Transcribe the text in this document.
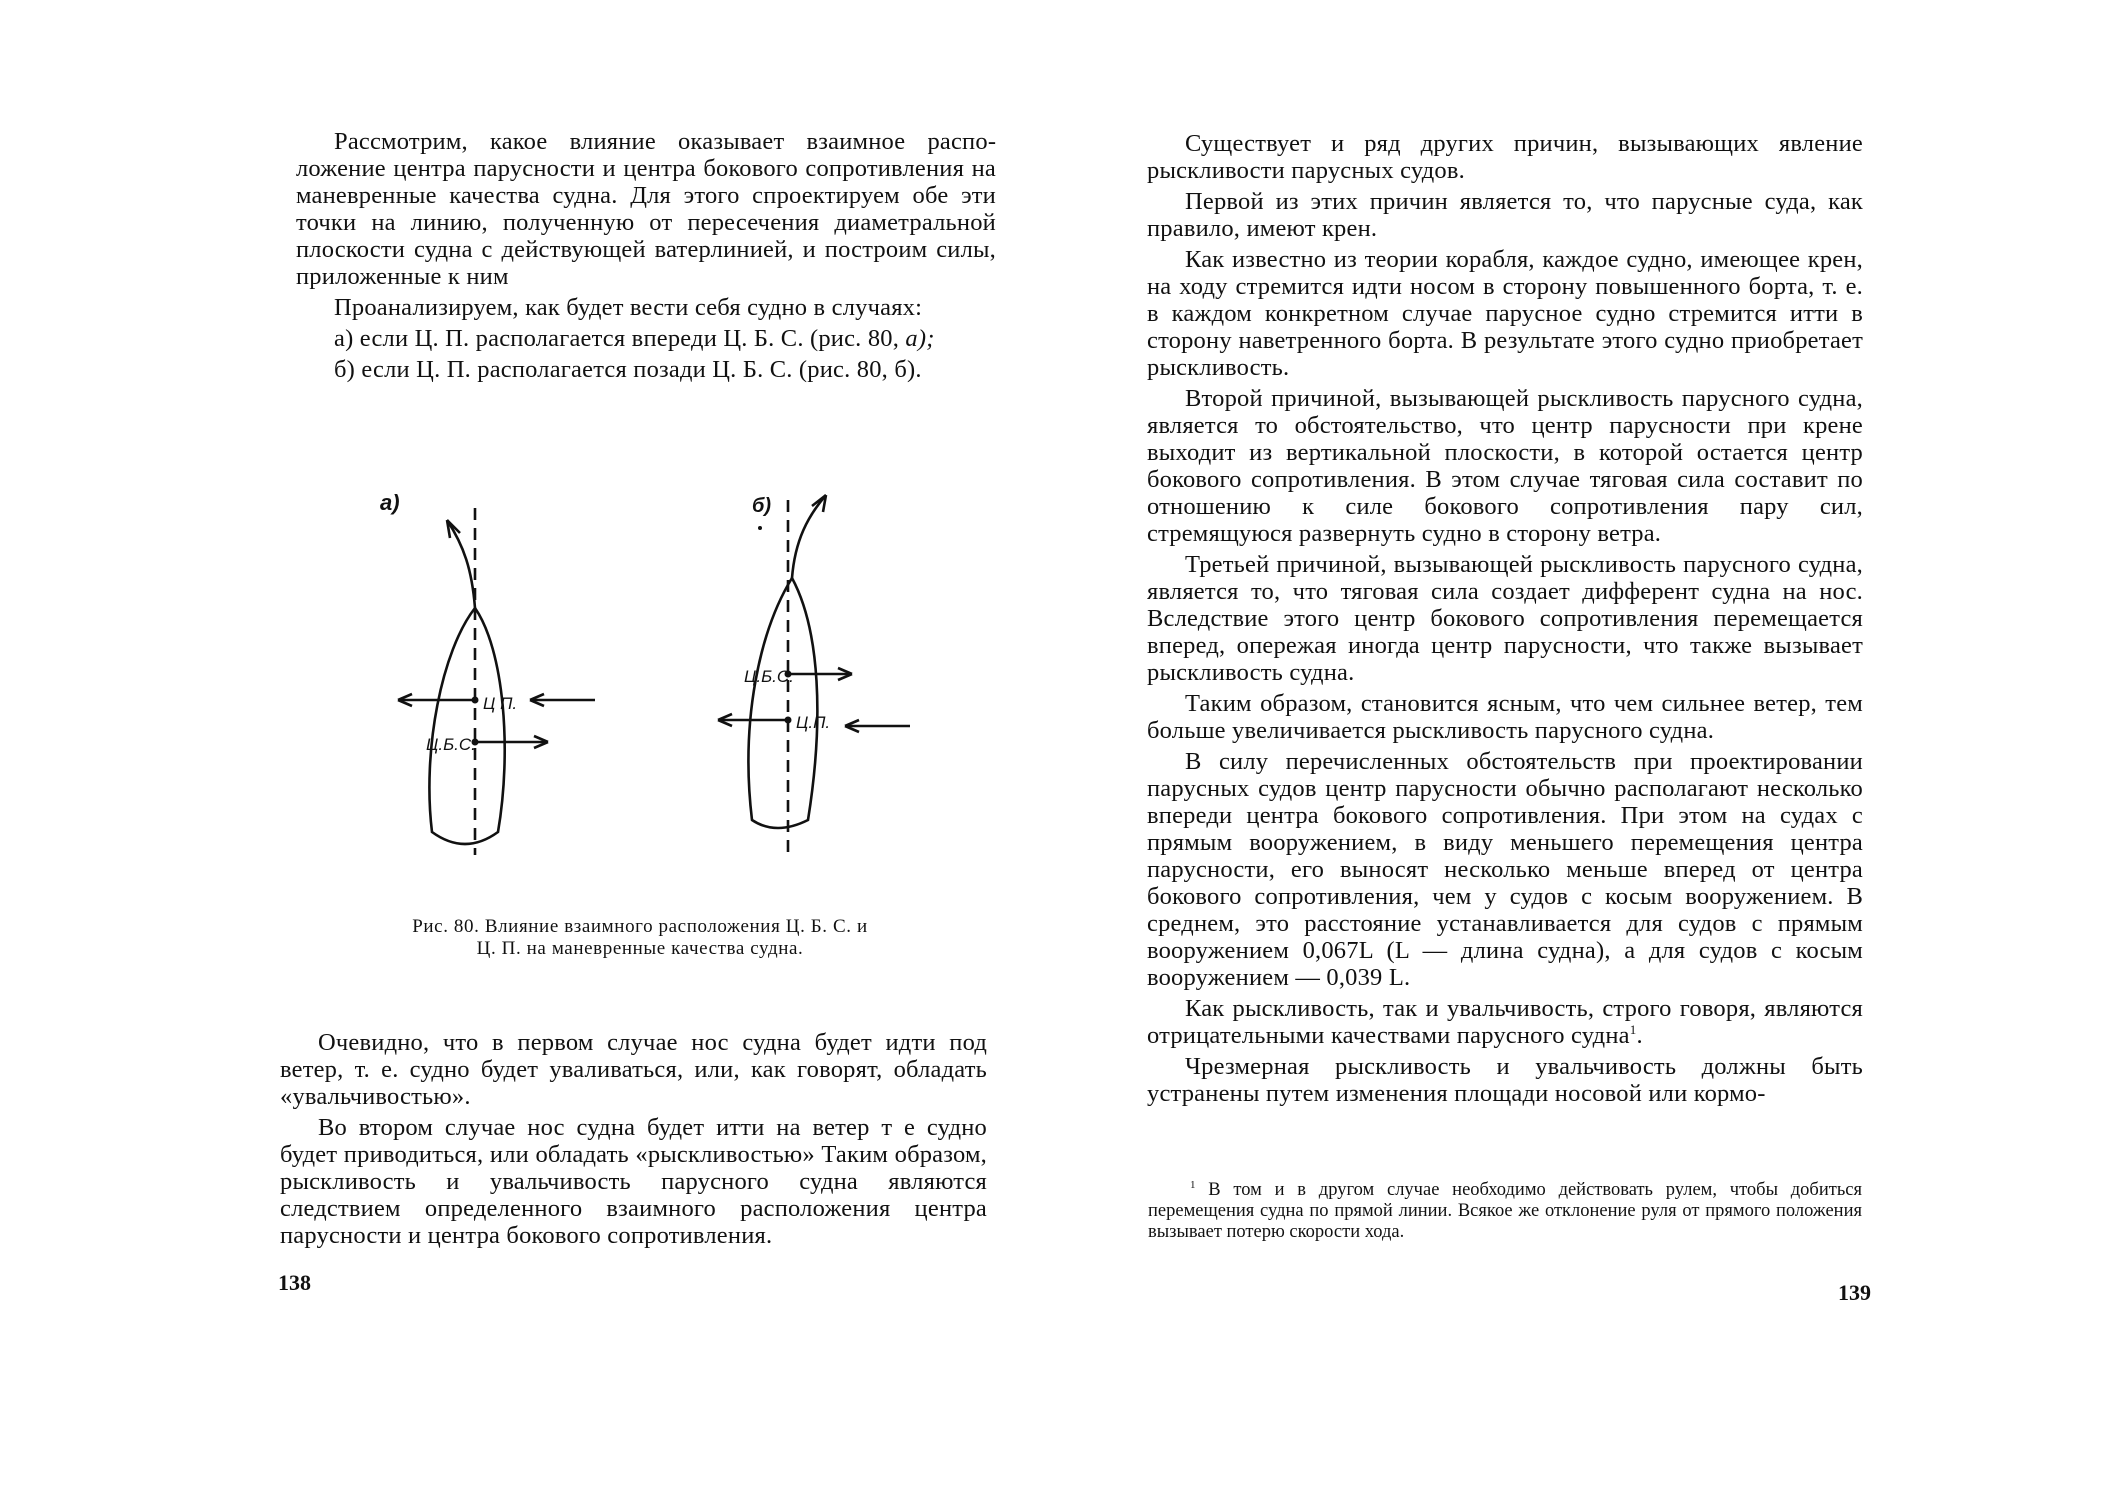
Рассмотрим, какое влияние оказывает взаимное расположение центра парусности и центра бокового сопротивления на маневренные качества судна. Для этого спроектируем обе эти точки на линию, полученную от пересечения диаметральной плоскости судна с действующей ватерлинией, и построим силы, приложенные к ним

Проанализируем, как будет вести себя судно в случаях:

а) если Ц. П. располагается впереди Ц. Б. С. (рис. 80, а);

б) если Ц. П. располагается позади Ц. Б. С. (рис. 80, б).

а)	б)
Ц П.
Ц.Б.С.
Ц.Б.С.
Ц.П.
Рис. 80. Влияние взаимного расположения Ц. Б. С. и Ц. П. на маневренные качества судна.

Очевидно, что в первом случае нос судна будет идти под ветер, т. е. судно будет уваливаться, или, как говорят, обладать «увальчивостью».

Во втором случае нос судна будет итти на ветер т е судно будет приводиться, или обладать «рыскливостью» Таким образом, рыскливость и увальчивость парусного судна являются следствием определенного взаимного расположения центра парусности и центра бокового сопротивления.

138

Существует и ряд других причин, вызывающих явление рыскливости парусных судов.

Первой из этих причин является то, что парусные суда, как правило, имеют крен.

Как известно из теории корабля, каждое судно, имеющее крен, на ходу стремится идти носом в сторону повышенного борта, т. е. в каждом конкретном случае парусное судно стремится итти в сторону наветренного борта. В результате этого судно приобретает рыскливость.

Второй причиной, вызывающей рыскливость парусного судна, является то обстоятельство, что центр парусности при крене выходит из вертикальной плоскости, в которой остается центр бокового сопротивления. В этом случае тяговая сила составит по отношению к силе бокового сопротивления пару сил, стремящуюся развернуть судно в сторону ветра.

Третьей причиной, вызывающей рыскливость парусного судна, является то, что тяговая сила создает дифферент судна на нос. Вследствие этого центр бокового сопротивления перемещается вперед, опережая иногда центр парусности, что также вызывает рыскливость судна.

Таким образом, становится ясным, что чем сильнее ветер, тем больше увеличивается рыскливость парусного судна.

В силу перечисленных обстоятельств при проектировании парусных судов центр парусности обычно располагают несколько впереди центра бокового сопротивления. При этом на судах с прямым вооружением, в виду меньшего перемещения центра парусности, его выносят несколько меньше вперед от центра бокового сопротивления, чем у судов с косым вооружением. В среднем, это расстояние устанавливается для судов с прямым вооружением 0,067L (L — длина судна), а для судов с косым вооружением — 0,039 L.

Как рыскливость, так и увальчивость, строго говоря, являются отрицательными качествами парусного судна$^1$.

Чрезмерная рыскливость и увальчивость должны быть устранены путем изменения площади носовой или кормо-

$^1$ В том и в другом случае необходимо действовать рулем, чтобы добиться перемещения судна по прямой линии. Всякое же отклонение руля от прямого положения вызывает потерю скорости хода.
139
